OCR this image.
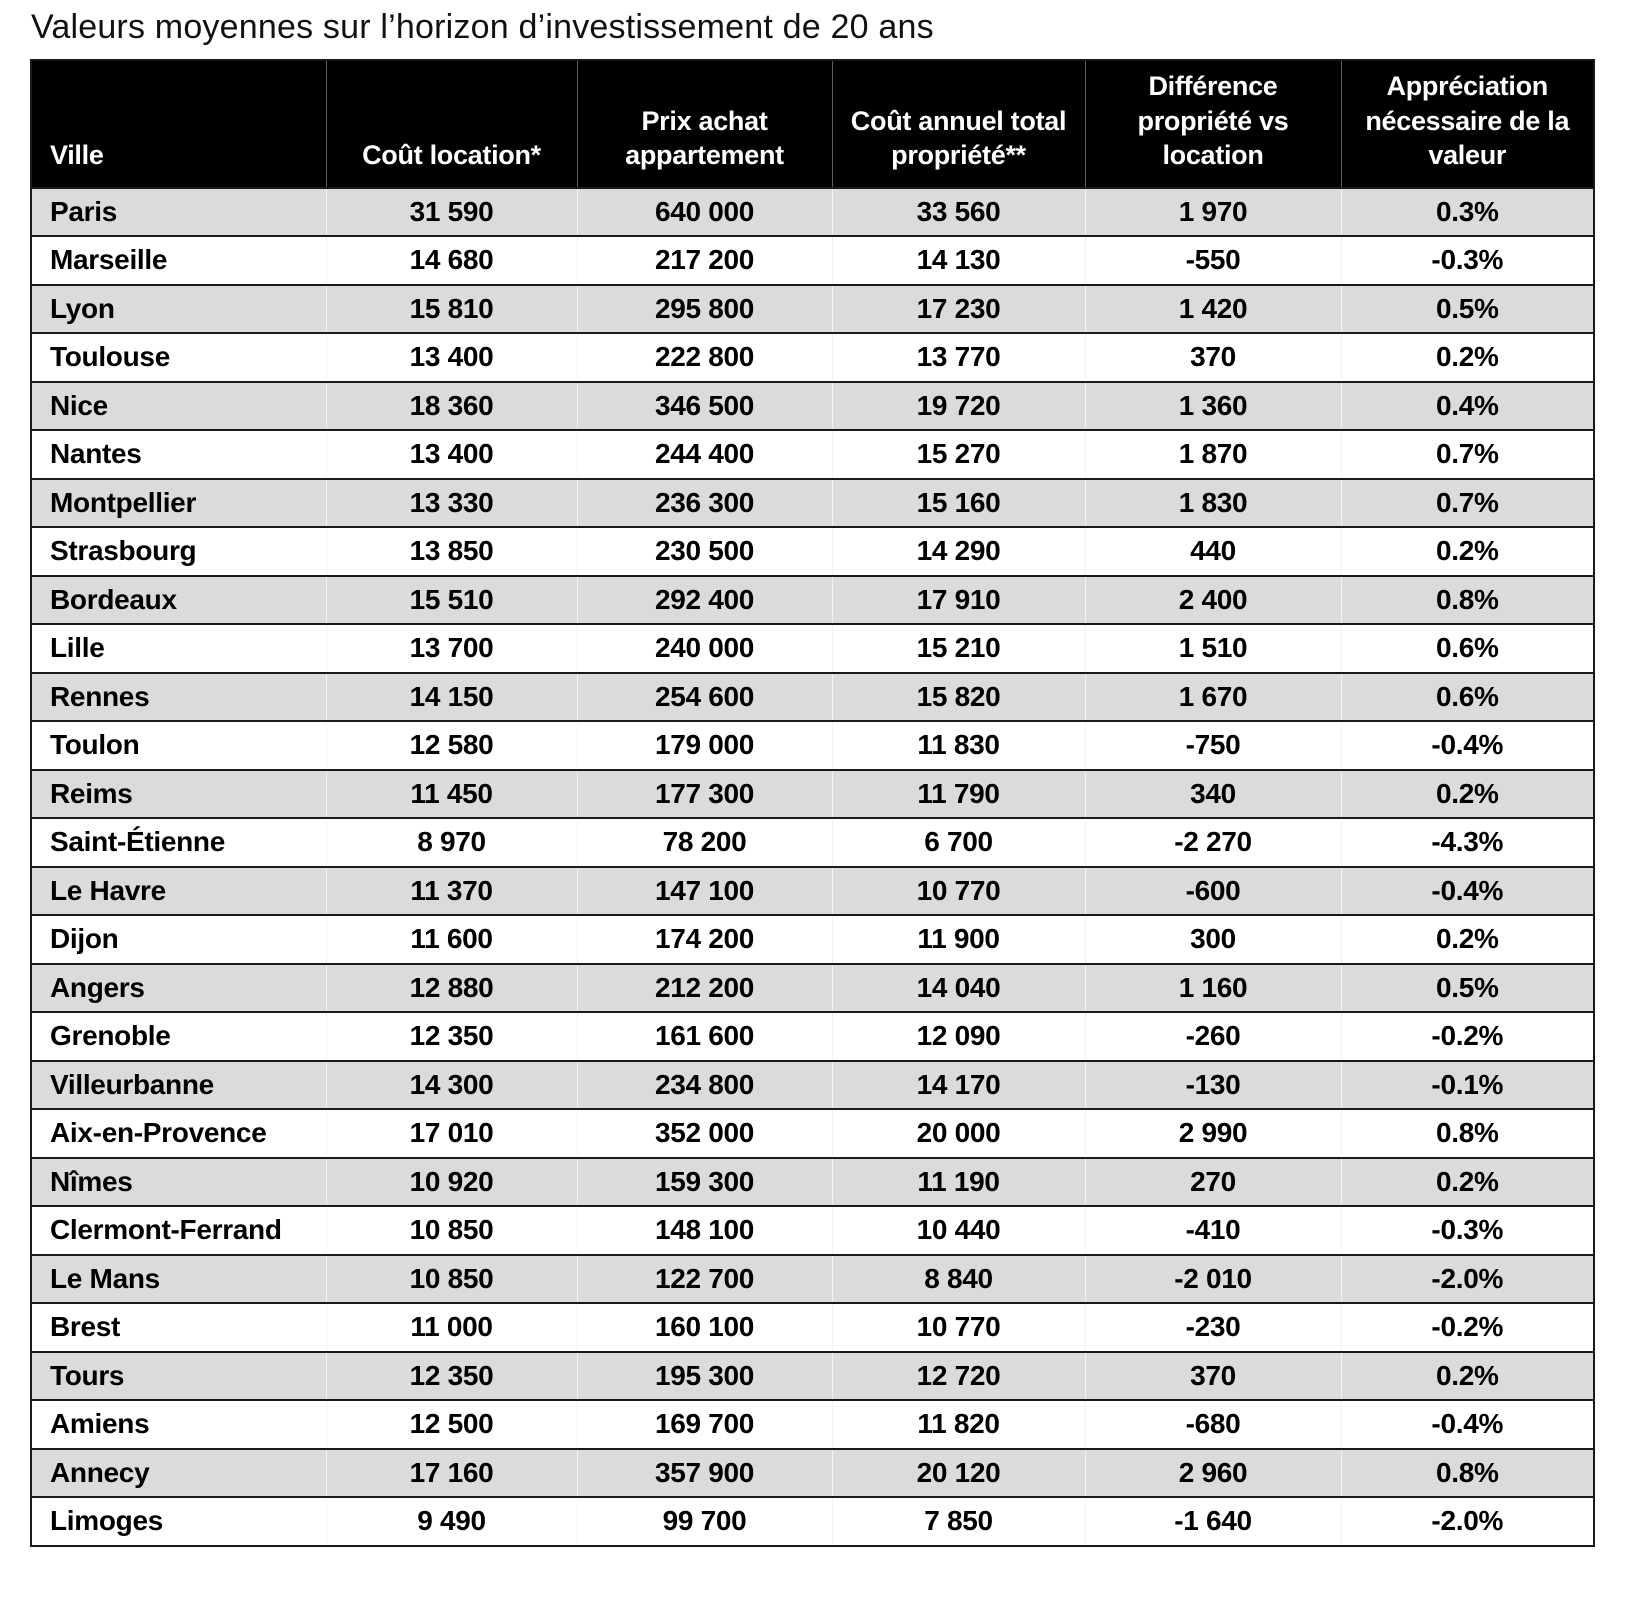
Valeurs moyennes sur l’horizon d’investissement de 20 ans
Ville	Coût location*	Prix achat appartement	Coût annuel total propriété**	Différence propriété vs location	Appréciation nécessaire de la valeur
Paris	31 590	640 000	33 560	1 970	0.3%
Marseille	14 680	217 200	14 130	-550	-0.3%
Lyon	15 810	295 800	17 230	1 420	0.5%
Toulouse	13 400	222 800	13 770	370	0.2%
Nice	18 360	346 500	19 720	1 360	0.4%
Nantes	13 400	244 400	15 270	1 870	0.7%
Montpellier	13 330	236 300	15 160	1 830	0.7%
Strasbourg	13 850	230 500	14 290	440	0.2%
Bordeaux	15 510	292 400	17 910	2 400	0.8%
Lille	13 700	240 000	15 210	1 510	0.6%
Rennes	14 150	254 600	15 820	1 670	0.6%
Toulon	12 580	179 000	11 830	-750	-0.4%
Reims	11 450	177 300	11 790	340	0.2%
Saint-Étienne	8 970	78 200	6 700	-2 270	-4.3%
Le Havre	11 370	147 100	10 770	-600	-0.4%
Dijon	11 600	174 200	11 900	300	0.2%
Angers	12 880	212 200	14 040	1 160	0.5%
Grenoble	12 350	161 600	12 090	-260	-0.2%
Villeurbanne	14 300	234 800	14 170	-130	-0.1%
Aix-en-Provence	17 010	352 000	20 000	2 990	0.8%
Nîmes	10 920	159 300	11 190	270	0.2%
Clermont-Ferrand	10 850	148 100	10 440	-410	-0.3%
Le Mans	10 850	122 700	8 840	-2 010	-2.0%
Brest	11 000	160 100	10 770	-230	-0.2%
Tours	12 350	195 300	12 720	370	0.2%
Amiens	12 500	169 700	11 820	-680	-0.4%
Annecy	17 160	357 900	20 120	2 960	0.8%
Limoges	9 490	99 700	7 850	-1 640	-2.0%
